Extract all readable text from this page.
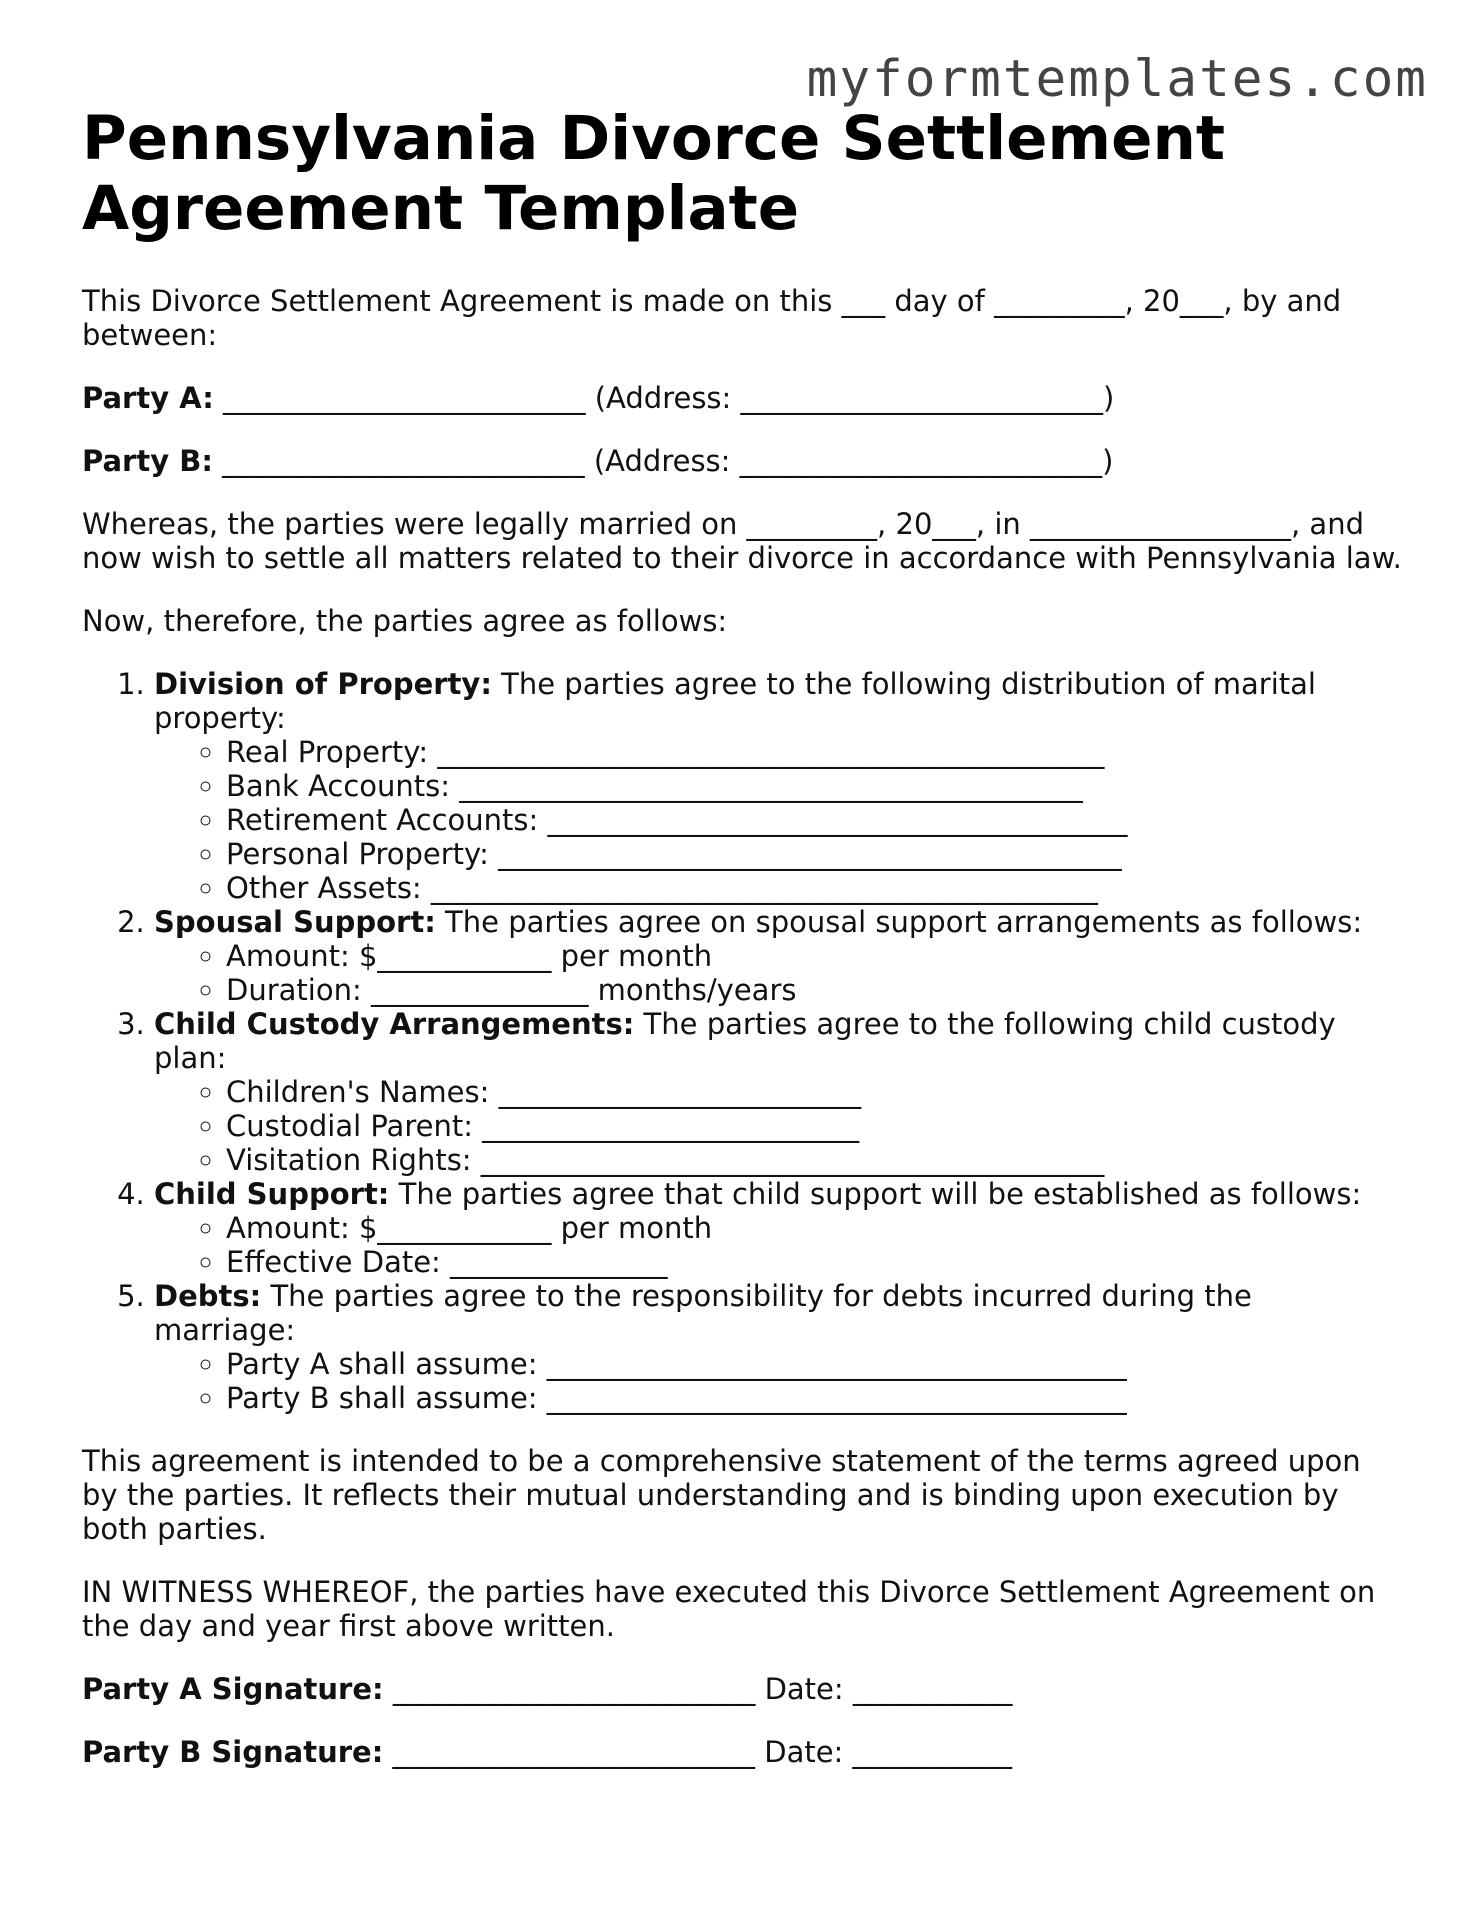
myformtemplates.com
Pennsylvania Divorce Settlement Agreement Template

This Divorce Settlement Agreement is made on this ___ day of _________, 20___, by and between:

Party A: _________________________ (Address: _________________________)

Party B: _________________________ (Address: _________________________)

Whereas, the parties were legally married on _________, 20___, in __________________, and now wish to settle all matters related to their divorce in accordance with Pennsylvania law.

Now, therefore, the parties agree as follows:

1. Division of Property: The parties agree to the following distribution of marital property:
◦ Real Property: ______________________________________________
◦ Bank Accounts: ___________________________________________
◦ Retirement Accounts: ________________________________________
◦ Personal Property: ___________________________________________
◦ Other Assets: ______________________________________________
2. Spousal Support: The parties agree on spousal support arrangements as follows:
◦ Amount: $____________ per month
◦ Duration: _______________ months/years
3. Child Custody Arrangements: The parties agree to the following child custody plan:
◦ Children's Names: _________________________
◦ Custodial Parent: __________________________
◦ Visitation Rights: ___________________________________________
4. Child Support: The parties agree that child support will be established as follows:
◦ Amount: $____________ per month
◦ Effective Date: _______________
5. Debts: The parties agree to the responsibility for debts incurred during the marriage:
◦ Party A shall assume: ________________________________________
◦ Party B shall assume: ________________________________________

This agreement is intended to be a comprehensive statement of the terms agreed upon by the parties. It reflects their mutual understanding and is binding upon execution by both parties.

IN WITNESS WHEREOF, the parties have executed this Divorce Settlement Agreement on the day and year first above written.

Party A Signature: _________________________ Date: ___________

Party B Signature: _________________________ Date: ___________
